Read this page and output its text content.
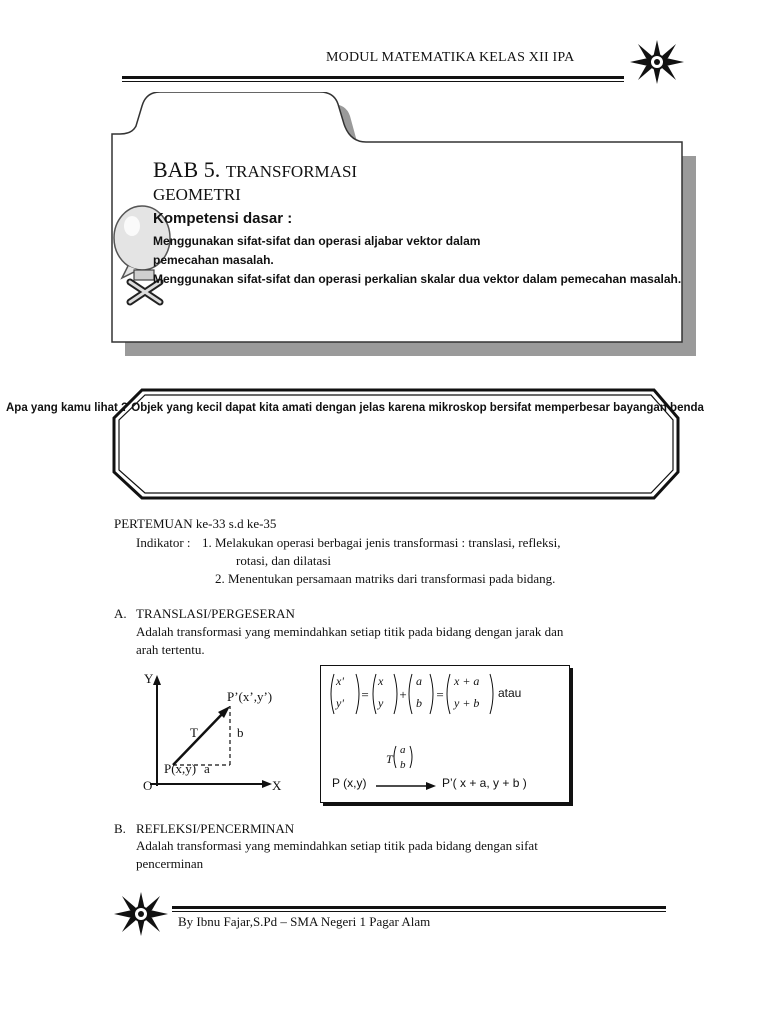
MODUL MATEMATIKA KELAS XII IPA
BAB 5. TRANSFORMASI
GEOMETRI
Kompetensi dasar :
Menggunakan sifat-sifat dan operasi aljabar vektor dalam
pemecahan masalah.
Menggunakan sifat-sifat dan operasi perkalian skalar dua vektor dalam pemecahan masalah.
Apa yang kamu lihat ? Objek yang kecil dapat kita amati dengan jelas karena mikroskop bersifat memperbesar bayangan benda
PERTEMUAN ke-33 s.d ke-35
Indikator : 1. Melakukan operasi berbagai jenis transformasi : translasi, refleksi,
rotasi, dan dilatasi
2. Menentukan persamaan matriks dari transformasi pada bidang.
A. TRANSLASI/PERGESERAN
Adalah transformasi yang memindahkan setiap titik pada bidang dengan jarak dan
arah tertentu.
Y
X
O
P(x,y) a
b
T
P’(x’,y’)	= + =
x'
y'
x
y
a
b
x + a
y + b
atau
T
a
b
P (x,y)	P’( x + a, y + b )
B. REFLEKSI/PENCERMINAN
Adalah transformasi yang memindahkan setiap titik pada bidang dengan sifat
pencerminan
By Ibnu Fajar,S.Pd – SMA Negeri 1 Pagar Alam
